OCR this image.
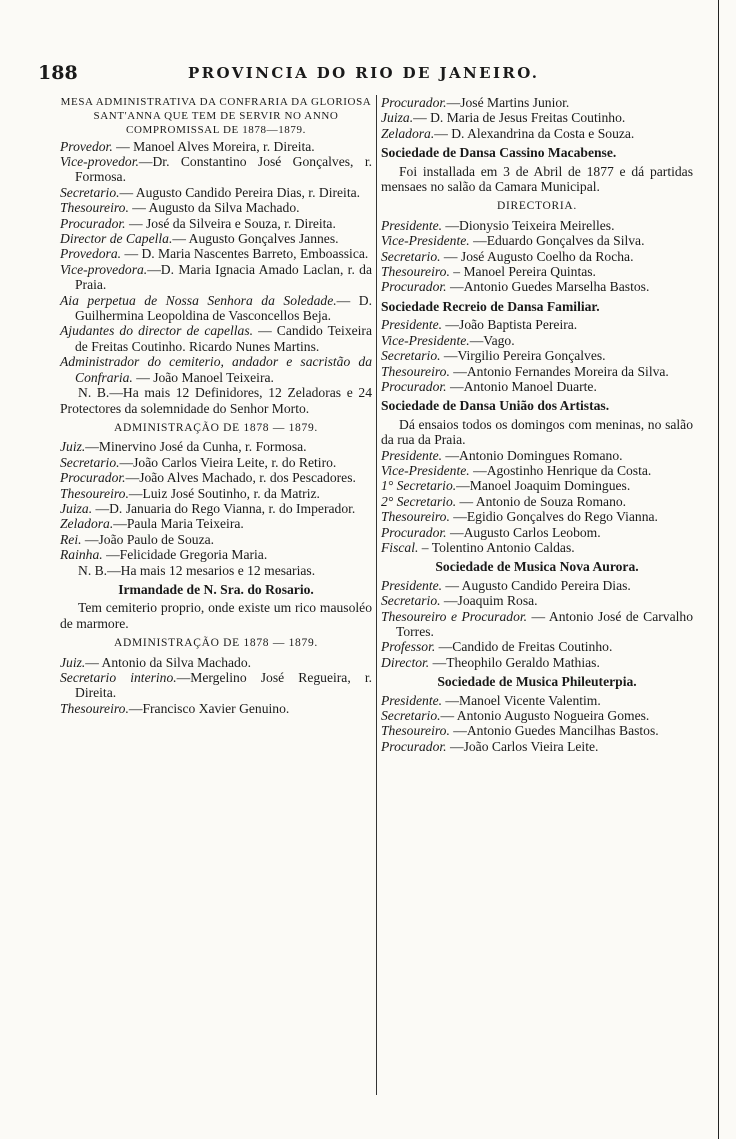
188	PROVINCIA DO RIO DE JANEIRO.

MESA ADMINISTRATIVA DA CONFRARIA DA GLORIOSA SANT'ANNA QUE TEM DE SERVIR NO ANNO COMPROMISSAL DE 1878—1879.

Provedor. — Manoel Alves Moreira, r. Direita.

Vice-provedor.—Dr. Constantino José Gonçalves, r. Formosa.

Secretario.— Augusto Candido Pereira Dias, r. Direita.

Thesoureiro. — Augusto da Silva Machado.

Procurador. — José da Silveira e Souza, r. Direita.

Director de Capella.— Augusto Gonçalves Jannes.

Provedora. — D. Maria Nascentes Barreto, Emboassica.

Vice-provedora.—D. Maria Ignacia Amado Laclan, r. da Praia.

Aia perpetua de Nossa Senhora da Soledade.— D. Guilhermina Leopoldina de Vasconcellos Beja.

Ajudantes do director de capellas. — Candido Teixeira de Freitas Coutinho. Ricardo Nunes Martins.

Administrador do cemiterio, andador e sacristão da Confraria. — João Manoel Teixeira.

N. B.—Ha mais 12 Definidores, 12 Zeladoras e 24 Protectores da solemnidade do Senhor Morto.

ADMINISTRAÇÃO DE 1878 — 1879.

Juiz.—Minervino José da Cunha, r. Formosa.

Secretario.—João Carlos Vieira Leite, r. do Retiro.

Procurador.—João Alves Machado, r. dos Pescadores.

Thesoureiro.—Luiz José Soutinho, r. da Matriz.

Juiza. —D. Januaria do Rego Vianna, r. do Imperador.

Zeladora.—Paula Maria Teixeira.

Rei. —João Paulo de Souza.

Rainha. —Felicidade Gregoria Maria.

N. B.—Ha mais 12 mesarios e 12 mesarias.

Irmandade de N. Sra. do Rosario.

Tem cemiterio proprio, onde existe um rico mausoléo de marmore.

ADMINISTRAÇÃO DE 1878 — 1879.

Juiz.— Antonio da Silva Machado.

Secretario interino.—Mergelino José Regueira, r. Direita.

Thesoureiro.—Francisco Xavier Genuino.

Procurador.—José Martins Junior.

Juiza.— D. Maria de Jesus Freitas Coutinho.

Zeladora.— D. Alexandrina da Costa e Souza.

Sociedade de Dansa Cassino Macabense.

Foi installada em 3 de Abril de 1877 e dá partidas mensaes no salão da Camara Municipal.

DIRECTORIA.

Presidente. —Dionysio Teixeira Meirelles.

Vice-Presidente. —Eduardo Gonçalves da Silva.

Secretario. — José Augusto Coelho da Rocha.

Thesoureiro. – Manoel Pereira Quintas.

Procurador. —Antonio Guedes Marselha Bastos.

Sociedade Recreio de Dansa Familiar.

Presidente. —João Baptista Pereira.

Vice-Presidente.—Vago.

Secretario. —Virgilio Pereira Gonçalves.

Thesoureiro. —Antonio Fernandes Moreira da Silva.

Procurador. —Antonio Manoel Duarte.

Sociedade de Dansa União dos Artistas.

Dá ensaios todos os domingos com meninas, no salão da rua da Praia.

Presidente. —Antonio Domingues Romano.

Vice-Presidente. —Agostinho Henrique da Costa.

1° Secretario.—Manoel Joaquim Domingues.

2° Secretario. — Antonio de Souza Romano.

Thesoureiro. —Egidio Gonçalves do Rego Vianna.

Procurador. —Augusto Carlos Leobom.

Fiscal. – Tolentino Antonio Caldas.

Sociedade de Musica Nova Aurora.

Presidente. — Augusto Candido Pereira Dias.

Secretario. —Joaquim Rosa.

Thesoureiro e Procurador. — Antonio José de Carvalho Torres.

Professor. —Candido de Freitas Coutinho.

Director. —Theophilo Geraldo Mathias.

Sociedade de Musica Phileuterpia.

Presidente. —Manoel Vicente Valentim.

Secretario.— Antonio Augusto Nogueira Gomes.

Thesoureiro. —Antonio Guedes Mancilhas Bastos.

Procurador. —João Carlos Vieira Leite.
